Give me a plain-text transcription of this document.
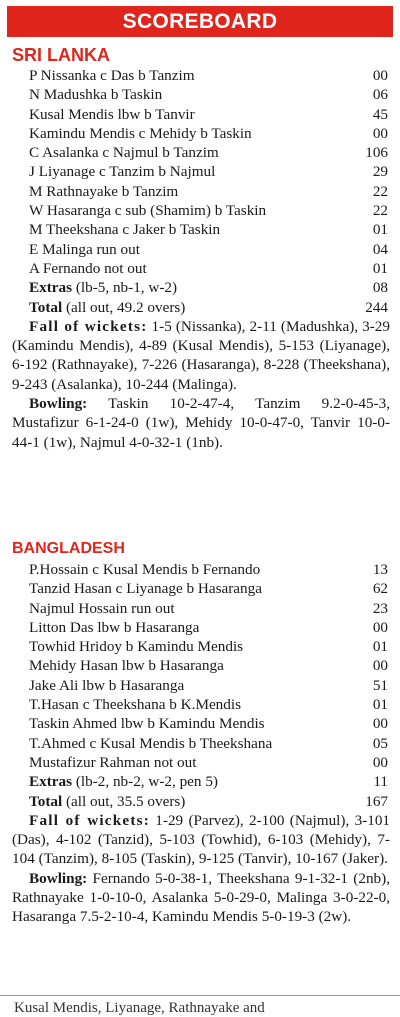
SCOREBOARD
SRI LANKA
P Nissanka c Das b Tanzim	00
N Madushka b Taskin	06
Kusal Mendis lbw b Tanvir	45
Kamindu Mendis c Mehidy b Taskin	00
C Asalanka c Najmul b Tanzim	106
J Liyanage c Tanzim b Najmul	29
M Rathnayake b Tanzim	22
W Hasaranga c sub (Shamim) b Taskin	22
M Theekshana c Jaker b Taskin	01
E Malinga run out	04
A Fernando not out	01
Extras (lb-5, nb-1, w-2)	08
Total (all out, 49.2 overs)	244

Fall of wickets: 1-5 (Nissanka), 2-11 (Madushka), 3-29 (Kamindu Mendis), 4-89 (Kusal Mendis), 5-153 (Liyanage), 6-192 (Rathnayake), 7-226 (Hasaranga), 8-228 (Theekshana), 9-243 (Asalanka), 10-244 (Malinga).

Bowling: Taskin 10-2-47-4, Tanzim 9.2-0-45-3, Mustafizur 6-1-24-0 (1w), Mehidy 10-0-47-0, Tanvir 10-0-44-1 (1w), Najmul 4-0-32-1 (1nb).

BANGLADESH
P.Hossain c Kusal Mendis b Fernando	13
Tanzid Hasan c Liyanage b Hasaranga	62
Najmul Hossain run out	23
Litton Das lbw b Hasaranga	00
Towhid Hridoy b Kamindu Mendis	01
Mehidy Hasan lbw b Hasaranga	00
Jake Ali lbw b Hasaranga	51
T.Hasan c Theekshana b K.Mendis	01
Taskin Ahmed lbw b Kamindu Mendis	00
T.Ahmed c Kusal Mendis b Theekshana	05
Mustafizur Rahman not out	00
Extras (lb-2, nb-2, w-2, pen 5)	11
Total (all out, 35.5 overs)	167

Fall of wickets: 1-29 (Parvez), 2-100 (Najmul), 3-101 (Das), 4-102 (Tanzid), 5-103 (Towhid), 6-103 (Mehidy), 7-104 (Tanzim), 8-105 (Taskin), 9-125 (Tanvir), 10-167 (Jaker).

Bowling: Fernando 5-0-38-1, Theekshana 9-1-32-1 (2nb), Rathnayake 1-0-10-0, Asalanka 5-0-29-0, Malinga 3-0-22-0, Hasaranga 7.5-2-10-4, Kamindu Mendis 5-0-19-3 (2w).

Kusal Mendis, Liyanage, Rathnayake and
